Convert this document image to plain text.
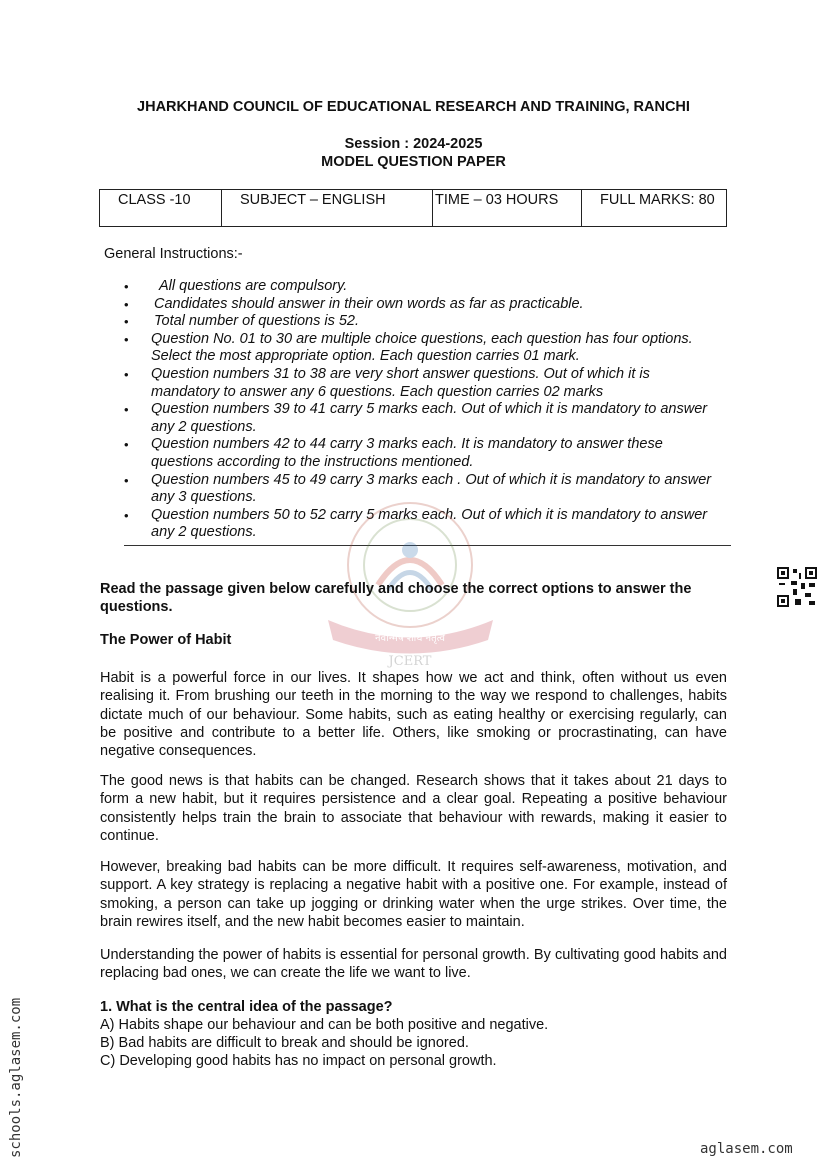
JHARKHAND COUNCIL OF EDUCATIONAL RESEARCH AND TRAINING, RANCHI
Session : 2024-2025
MODEL QUESTION PAPER
CLASS -10	SUBJECT – ENGLISH	TIME – 03 HOURS	FULL MARKS: 80
General Instructions:-
• All questions are compulsory.
• Candidates should answer in their own words as far as practicable.
• Total number of questions is 52.
• Question No. 01 to 30 are multiple choice questions, each question has four options. Select the most appropriate option. Each question carries 01 mark.
• Question numbers 31 to 38 are very short answer questions. Out of which it is mandatory to answer any 6 questions. Each question carries 02 marks
• Question numbers 39 to 41 carry 5 marks each. Out of which it is mandatory to answer any 2 questions.
• Question numbers 42 to 44 carry 3 marks each. It is mandatory to answer these questions according to the instructions mentioned.
• Question numbers 45 to 49 carry 3 marks each . Out of which it is mandatory to answer any 3 questions.
• Question numbers 50 to 52 carry 5 marks each. Out of which it is mandatory to answer any 2 questions.
नवोन्मेष शोध नेतृत्व
JCERT
Read the passage given below carefully and choose the correct options to answer the questions.
The Power of Habit
Habit is a powerful force in our lives. It shapes how we act and think, often without us even realising it. From brushing our teeth in the morning to the way we respond to challenges, habits dictate much of our behaviour. Some habits, such as eating healthy or exercising regularly, can be positive and contribute to a better life. Others, like smoking or procrastinating, can have negative consequences.
The good news is that habits can be changed. Research shows that it takes about 21 days to form a new habit, but it requires persistence and a clear goal. Repeating a positive behaviour consistently helps train the brain to associate that behaviour with rewards, making it easier to continue.
However, breaking bad habits can be more difficult. It requires self-awareness, motivation, and support. A key strategy is replacing a negative habit with a positive one. For example, instead of smoking, a person can take up jogging or drinking water when the urge strikes. Over time, the brain rewires itself, and the new habit becomes easier to maintain.
Understanding the power of habits is essential for personal growth. By cultivating good habits and replacing bad ones, we can create the life we want to live.
1. What is the central idea of the passage?
A) Habits shape our behaviour and can be both positive and negative.
B) Bad habits are difficult to break and should be ignored.
C) Developing good habits has no impact on personal growth.
schools.aglasem.com	aglasem.com
